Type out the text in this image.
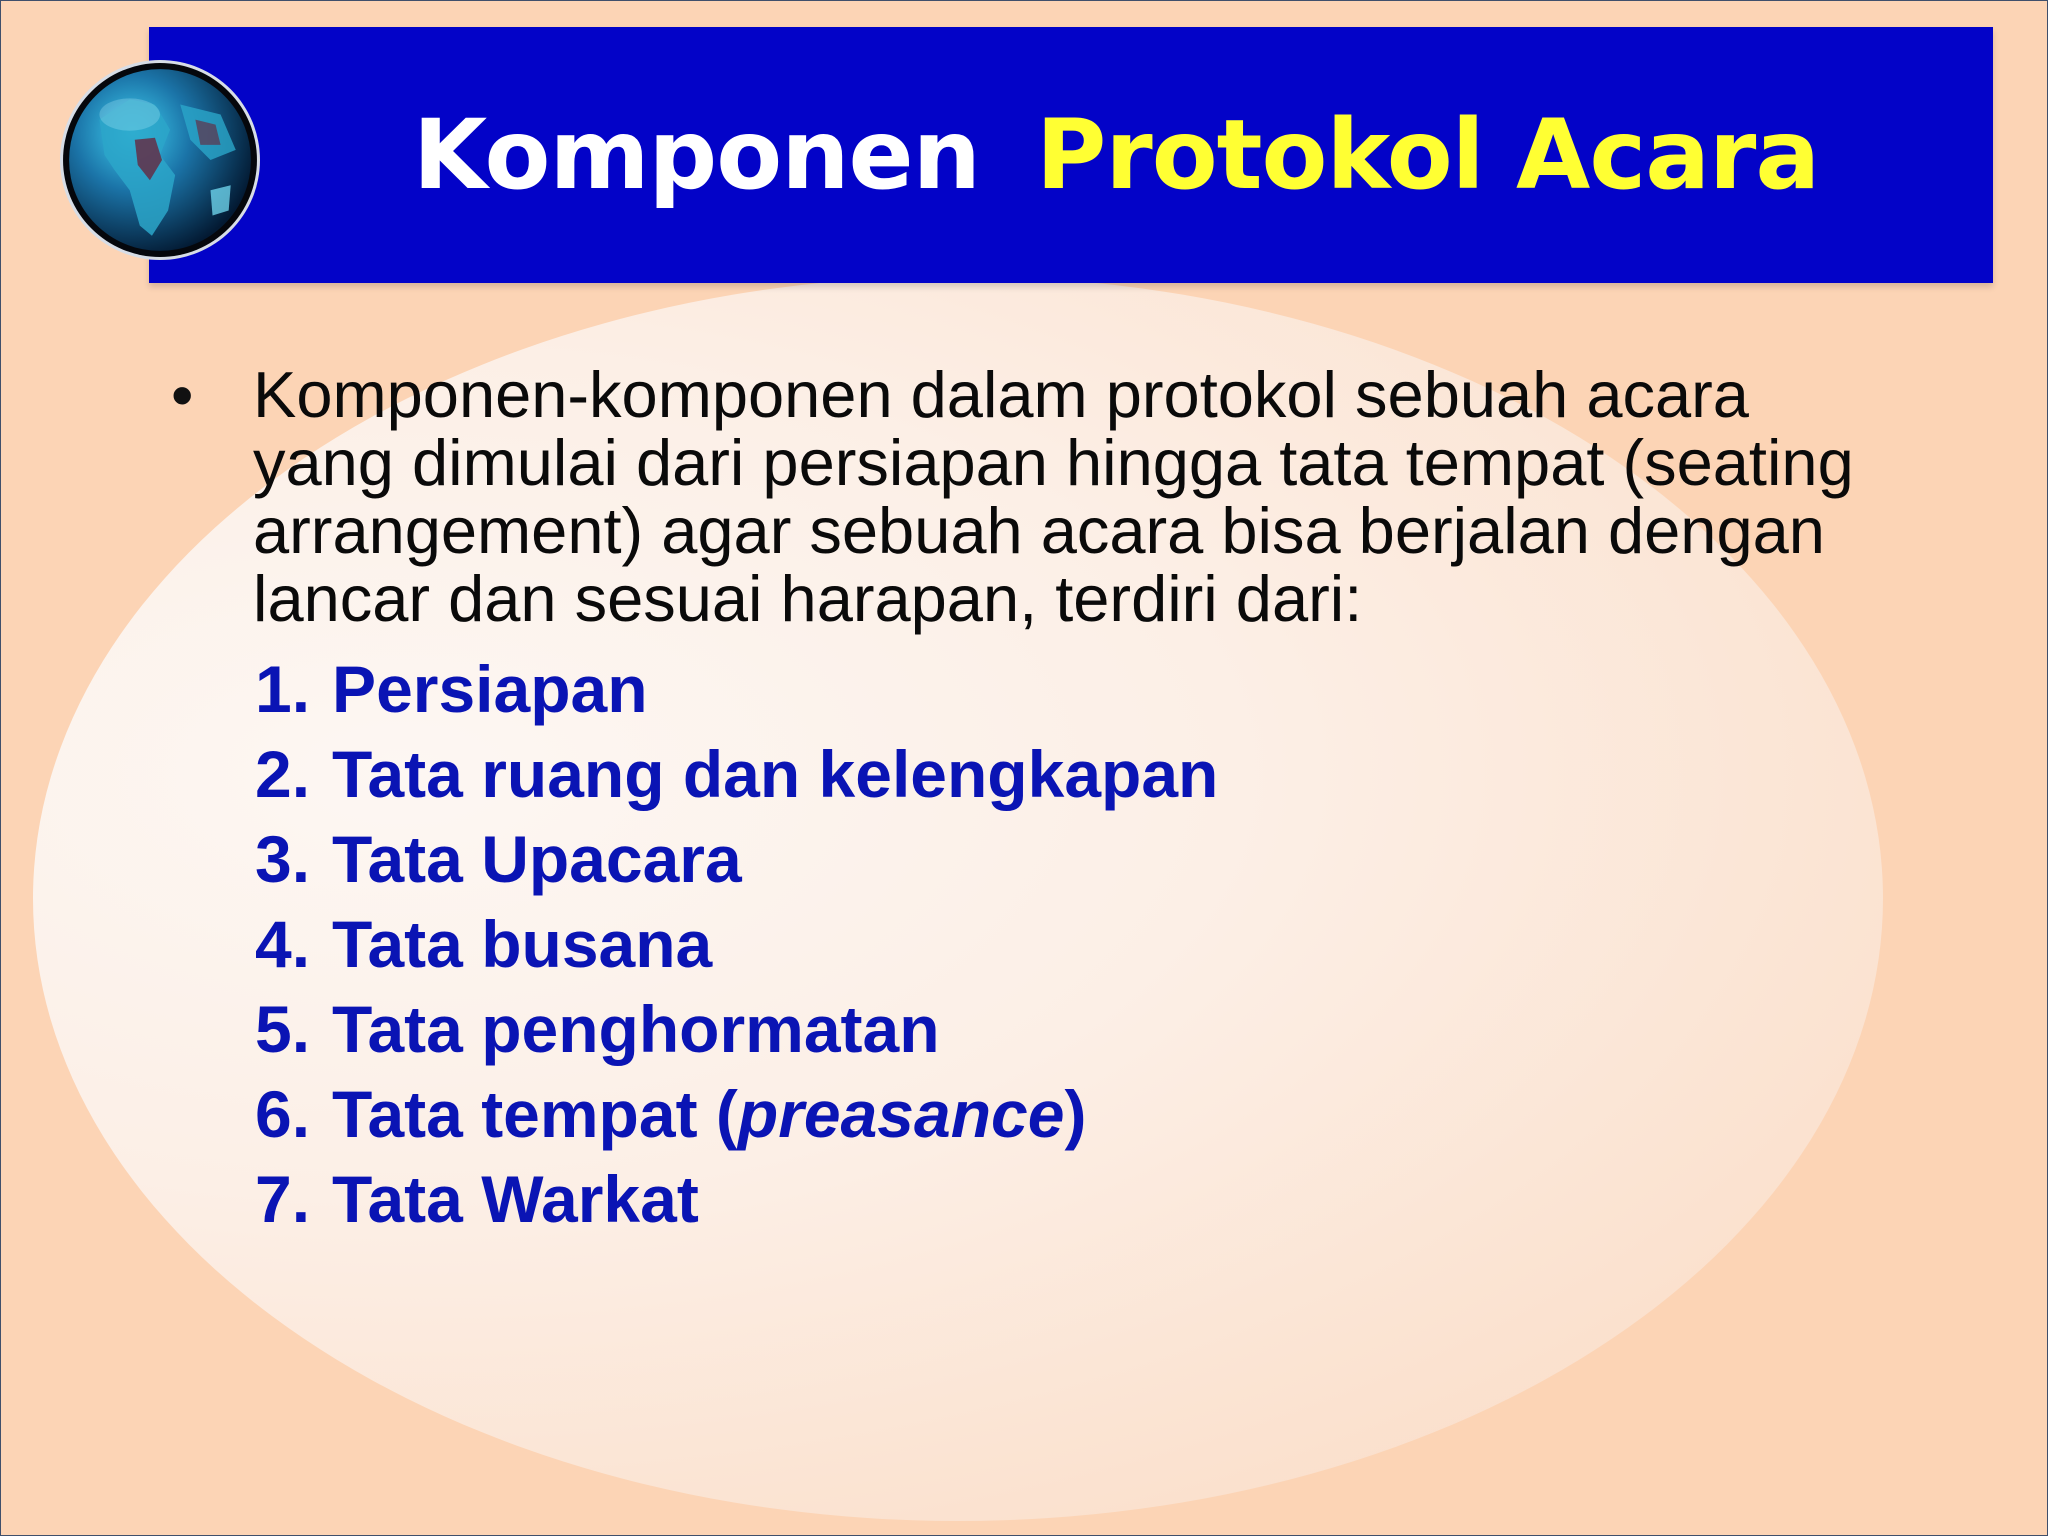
Komponen Protokol Acara
• Komponen-komponen dalam protokol sebuah acara yang dimulai dari persiapan hingga tata tempat (seating arrangement) agar sebuah acara bisa berjalan dengan lancar dan sesuai harapan, terdiri dari:
1. Persiapan
2. Tata ruang dan kelengkapan
3. Tata Upacara
4. Tata busana
5. Tata penghormatan
6. Tata tempat (preasance)
7. Tata Warkat
